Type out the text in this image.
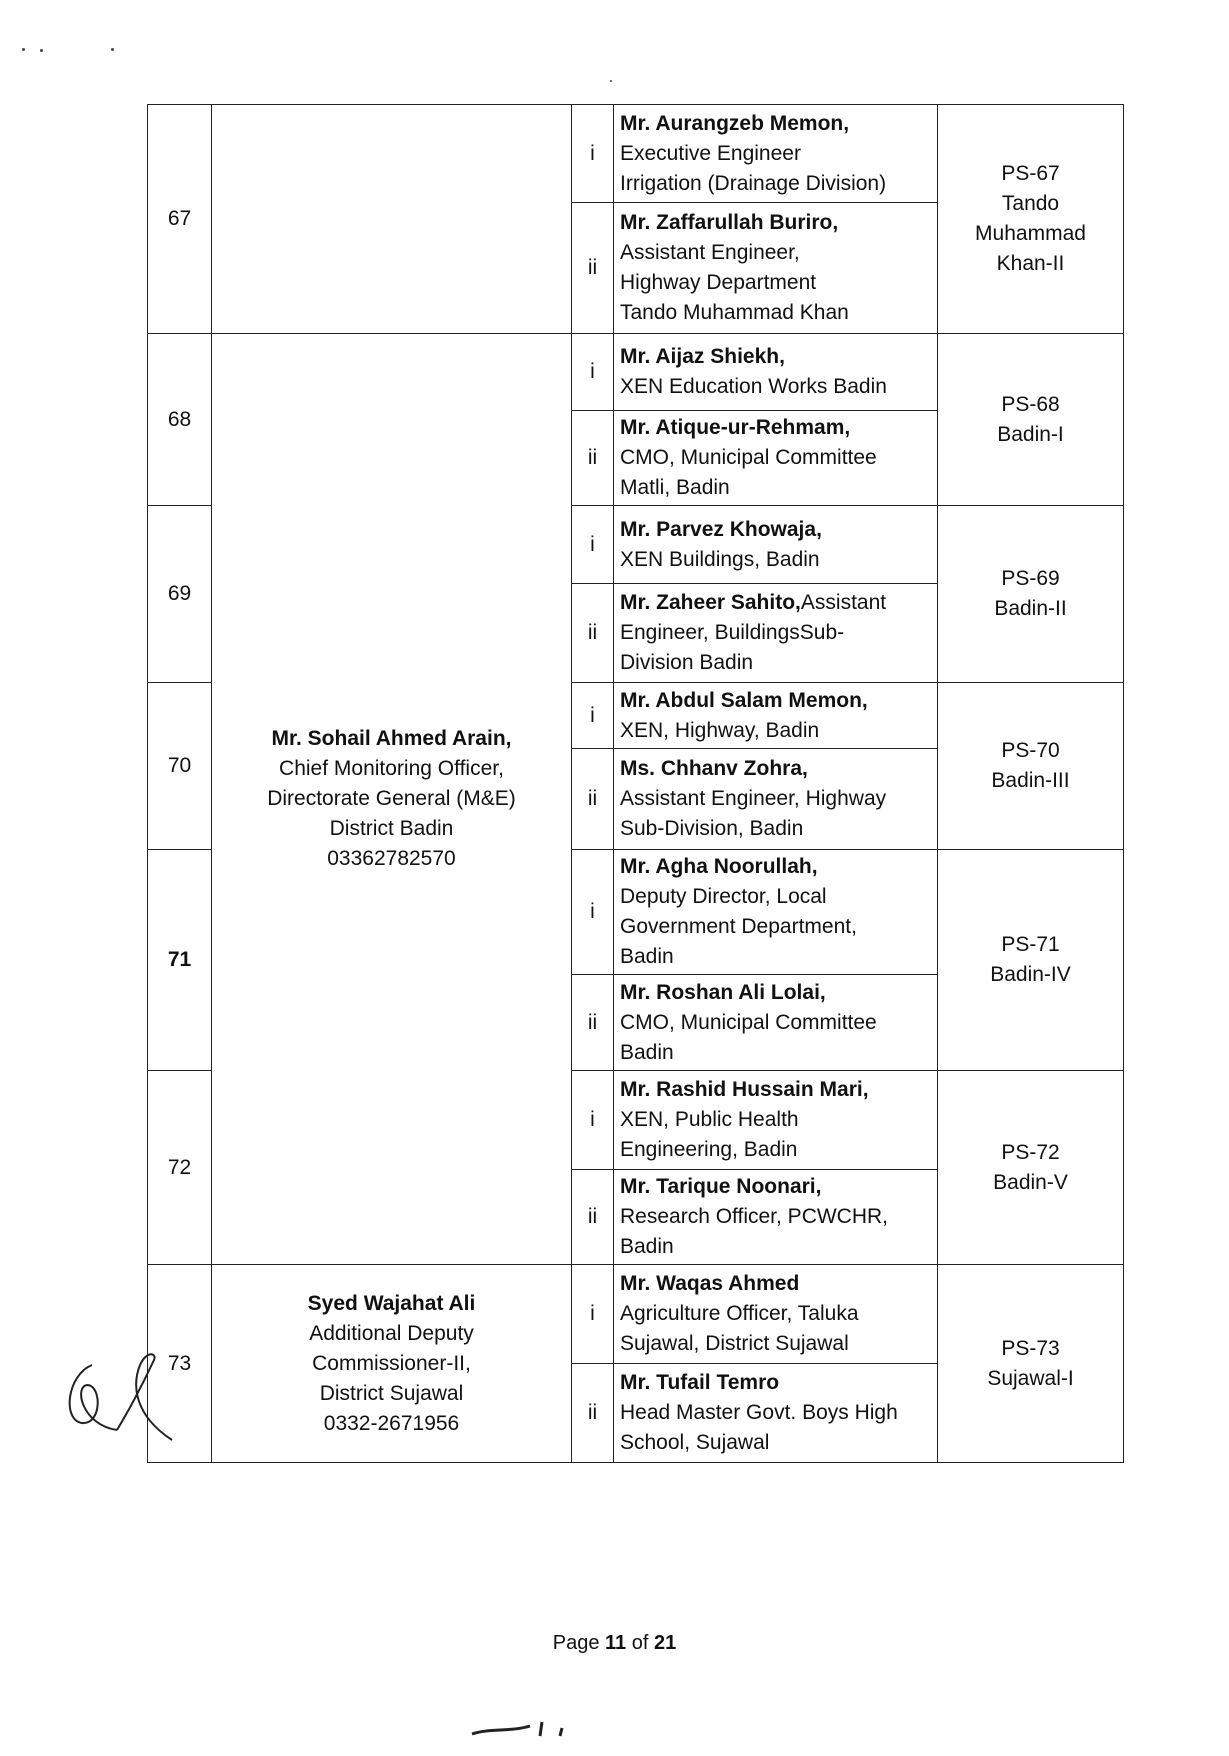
67		i	Mr. Aurangzeb Memon,
Executive Engineer
Irrigation (Drainage Division)	PS-67
Tando
Muhammad
Khan-II

		ii	Mr. Zaffarullah Buriro,
Assistant Engineer,
Highway Department
Tando Muhammad Khan	

68	Mr. Sohail Ahmed Arain,
Chief Monitoring Officer,
Directorate General (M&E)
District Badin
03362782570	i	Mr. Aijaz Shiekh,
XEN Education Works Badin	PS-68
Badin-I

		ii	Mr. Atique-ur-Rehmam,
CMO, Municipal Committee
Matli, Badin	

69		i	Mr. Parvez Khowaja,
XEN Buildings, Badin	PS-69
Badin-II

		ii	Mr. Zaheer Sahito,Assistant
Engineer, BuildingsSub-
Division Badin	

70		i	Mr. Abdul Salam Memon,
XEN, Highway, Badin	PS-70
Badin-III

		ii	Ms. Chhanv Zohra,
Assistant Engineer, Highway
Sub-Division, Badin	

71		i	Mr. Agha Noorullah,
Deputy Director, Local
Government Department,
Badin	PS-71
Badin-IV

		ii	Mr. Roshan Ali Lolai,
CMO, Municipal Committee
Badin	

72		i	Mr. Rashid Hussain Mari,
XEN, Public Health
Engineering, Badin	PS-72
Badin-V

		ii	Mr. Tarique Noonari,
Research Officer, PCWCHR,
Badin	

73	Syed Wajahat Ali
Additional Deputy
Commissioner-II,
District Sujawal
0332-2671956	i	Mr. Waqas Ahmed
Agriculture Officer, Taluka
Sujawal, District Sujawal	PS-73
Sujawal-I

		ii	Mr. Tufail Temro
Head Master Govt. Boys High
School, Sujawal	
Page 11 of 21
